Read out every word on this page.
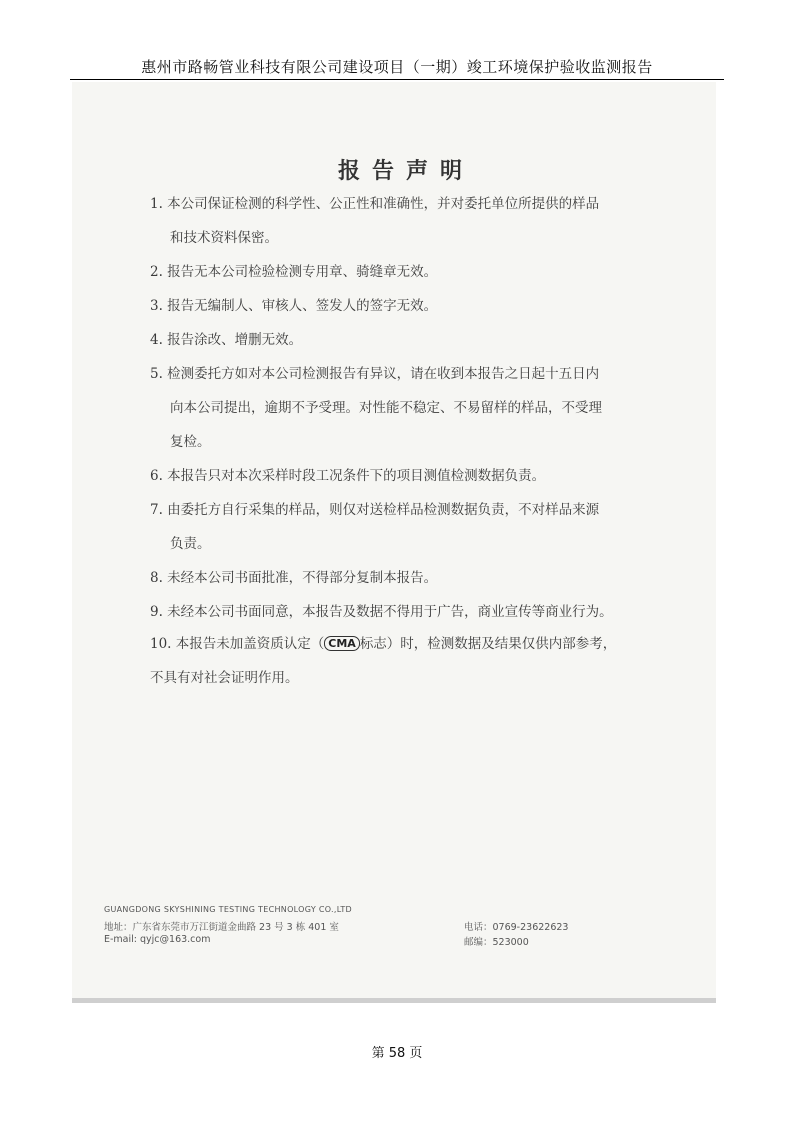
惠州市路畅管业科技有限公司建设项目（一期）竣工环境保护验收监测报告
报告声明
1. 本公司保证检测的科学性、公正性和准确性，并对委托单位所提供的样品
和技术资料保密。
2. 报告无本公司检验检测专用章、骑缝章无效。
3. 报告无编制人、审核人、签发人的签字无效。
4. 报告涂改、增删无效。
5. 检测委托方如对本公司检测报告有异议，请在收到本报告之日起十五日内
向本公司提出，逾期不予受理。对性能不稳定、不易留样的样品，不受理
复检。
6. 本报告只对本次采样时段工况条件下的项目测值检测数据负责。
7. 由委托方自行采集的样品，则仅对送检样品检测数据负责，不对样品来源
负责。
8. 未经本公司书面批准，不得部分复制本报告。
9. 未经本公司书面同意，本报告及数据不得用于广告，商业宣传等商业行为。
10. 本报告未加盖资质认定（ CMA 标志）时，检测数据及结果仅供内部参考，
不具有对社会证明作用。
GUANGDONG SKYSHINING TESTING TECHNOLOGY CO.,LTD
地址：广东省东莞市万江街道金曲路 23 号 3 栋 401 室
E-mail: qyjc@163.com
电话：0769-23622623
邮编：523000
第 58 页
